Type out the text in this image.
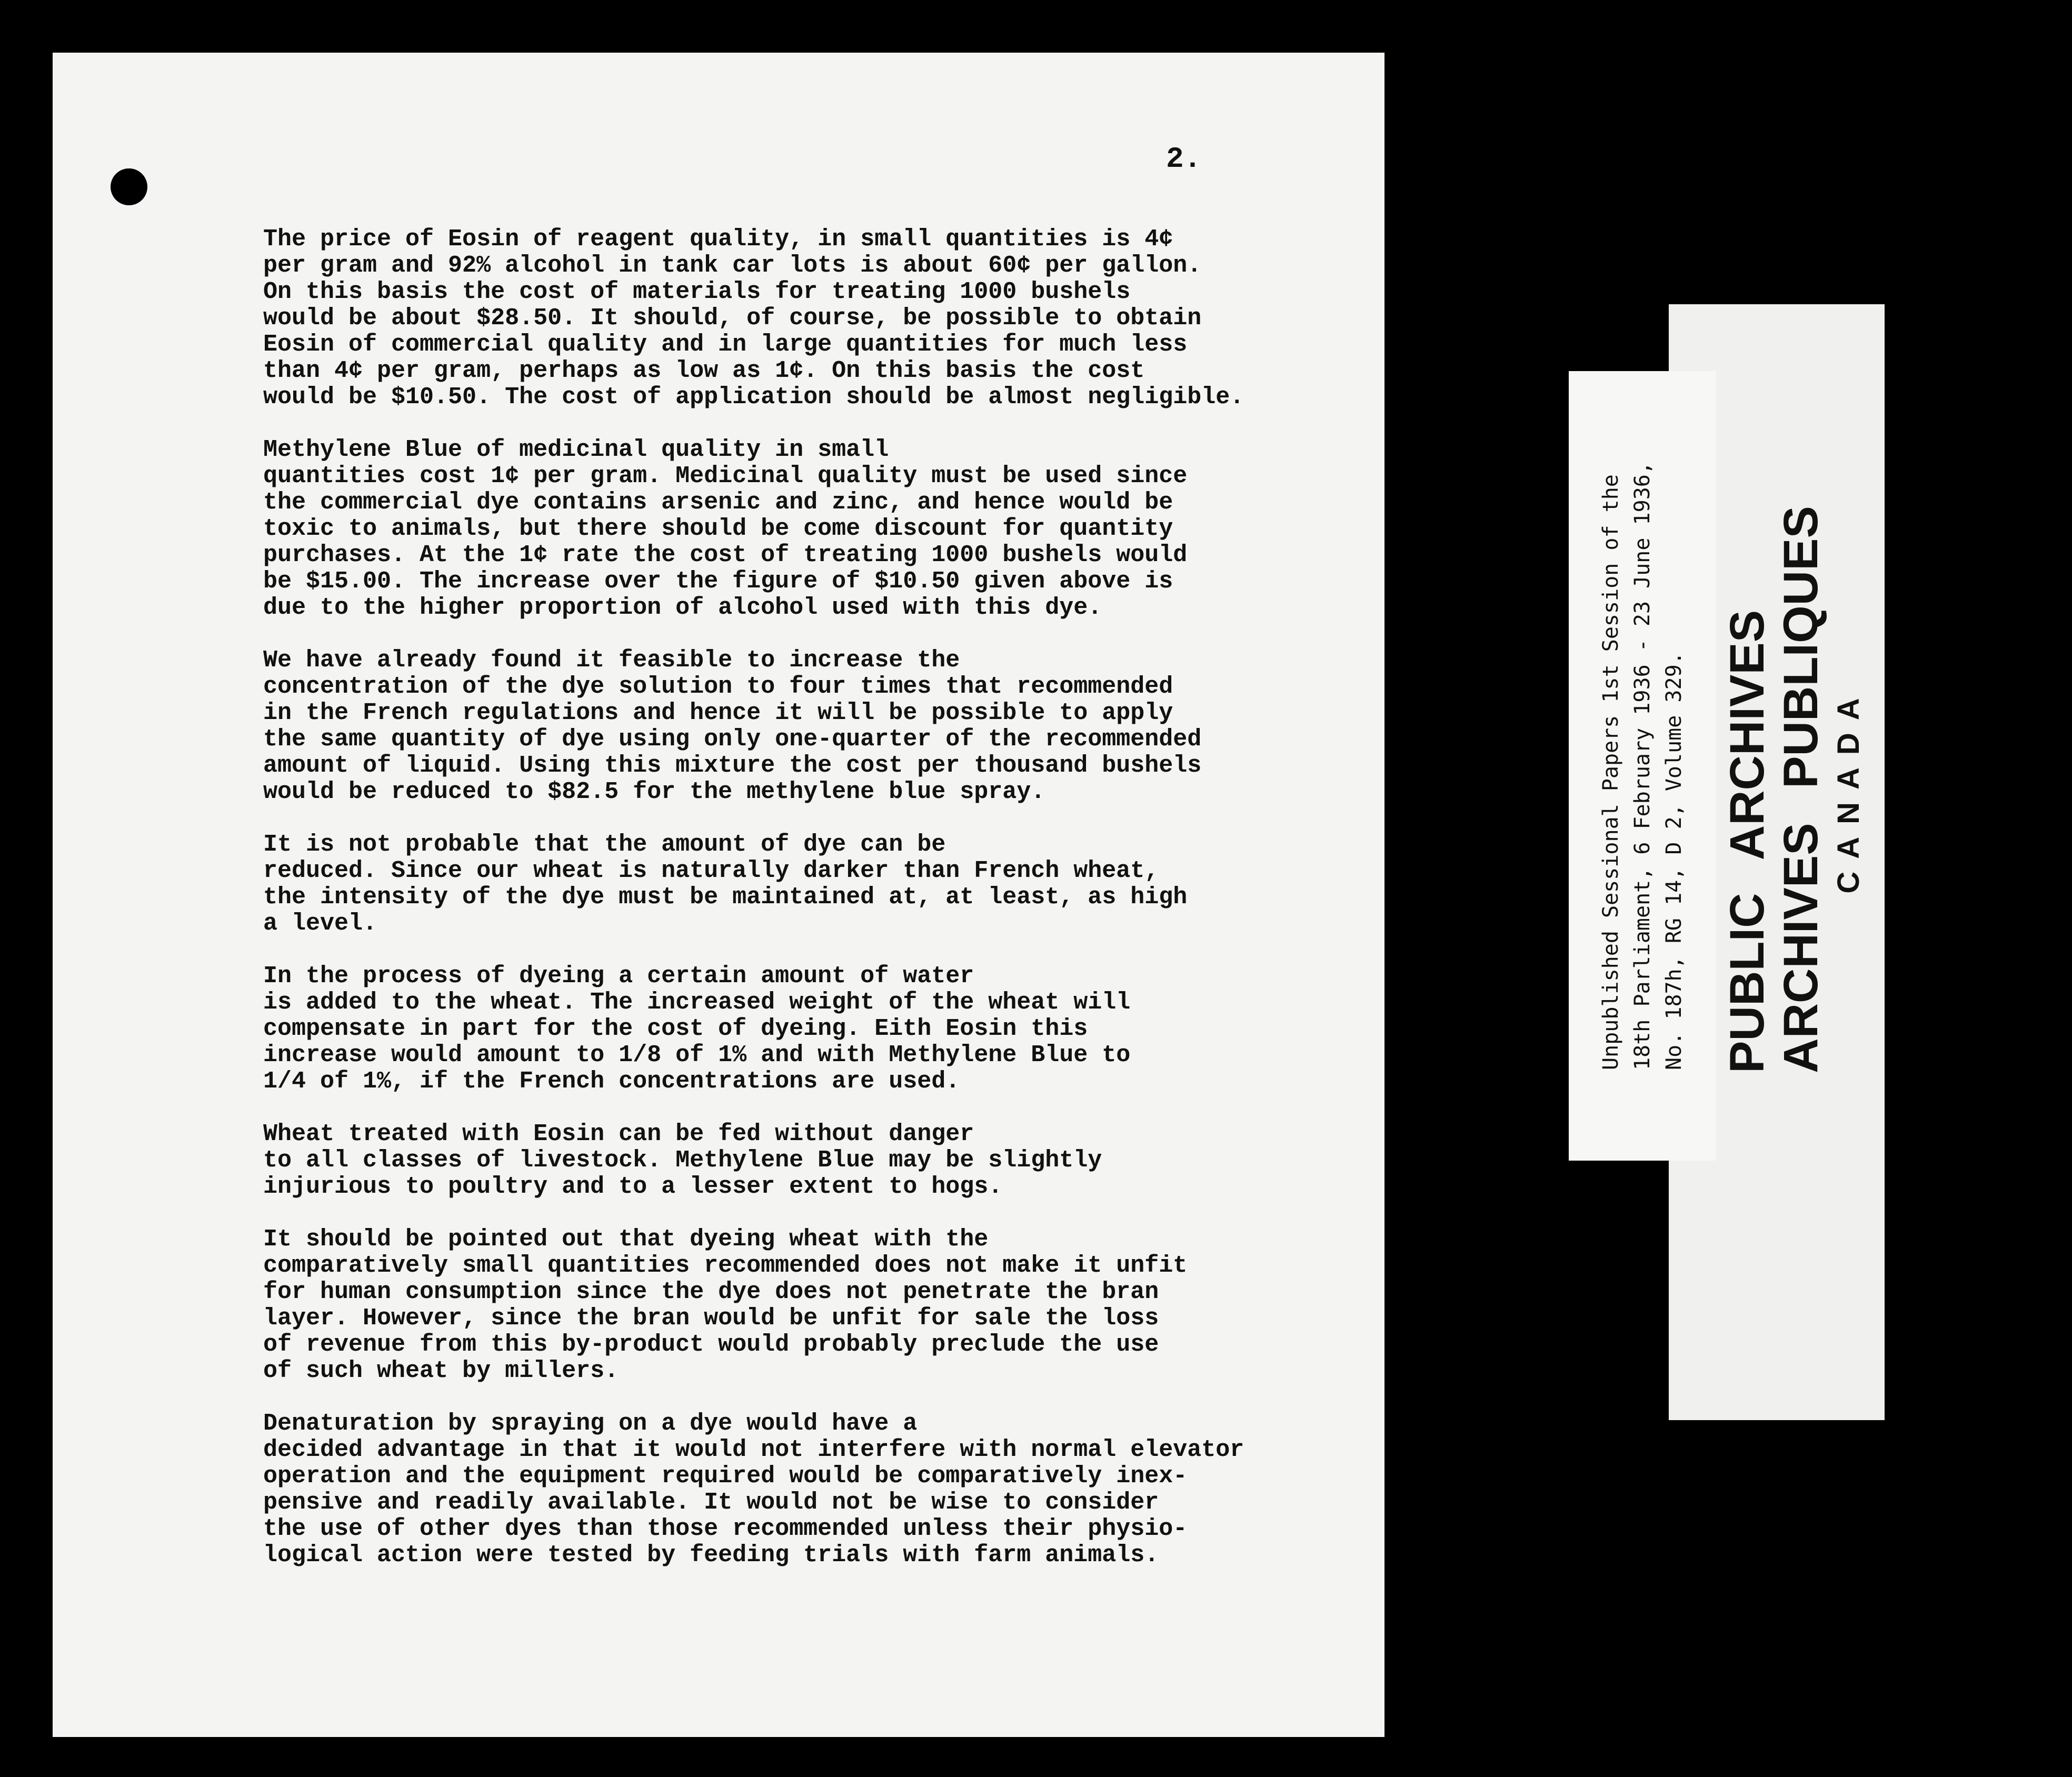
2.

The price of Eosin of reagent quality, in small quantities is 4¢
per gram and 92% alcohol in tank car lots is about 60¢ per gallon.
On this basis the cost of materials for treating 1000 bushels
would be about $28.50. It should, of course, be possible to obtain
Eosin of commercial quality and in large quantities for much less
than 4¢ per gram, perhaps as low as 1¢. On this basis the cost
would be $10.50. The cost of application should be almost negligible.

Methylene Blue of medicinal quality in small
quantities cost 1¢ per gram. Medicinal quality must be used since
the commercial dye contains arsenic and zinc, and hence would be
toxic to animals, but there should be come discount for quantity
purchases. At the 1¢ rate the cost of treating 1000 bushels would
be $15.00. The increase over the figure of $10.50 given above is
due to the higher proportion of alcohol used with this dye.

We have already found it feasible to increase the
concentration of the dye solution to four times that recommended
in the French regulations and hence it will be possible to apply
the same quantity of dye using only one-quarter of the recommended
amount of liquid. Using this mixture the cost per thousand bushels
would be reduced to $82.5 for the methylene blue spray.

It is not probable that the amount of dye can be
reduced. Since our wheat is naturally darker than French wheat,
the intensity of the dye must be maintained at, at least, as high
a level.

In the process of dyeing a certain amount of water
is added to the wheat. The increased weight of the wheat will
compensate in part for the cost of dyeing. Eith Eosin this
increase would amount to 1/8 of 1% and with Methylene Blue to
1/4 of 1%, if the French concentrations are used.

Wheat treated with Eosin can be fed without danger
to all classes of livestock. Methylene Blue may be slightly
injurious to poultry and to a lesser extent to hogs.

It should be pointed out that dyeing wheat with the
comparatively small quantities recommended does not make it unfit
for human consumption since the dye does not penetrate the bran
layer. However, since the bran would be unfit for sale the loss
of revenue from this by-product would probably preclude the use
of such wheat by millers.

Denaturation by spraying on a dye would have a
decided advantage in that it would not interfere with normal elevator
operation and the equipment required would be comparatively inex-
pensive and readily available. It would not be wise to consider
the use of other dyes than those recommended unless their physio-
logical action were tested by feeding trials with farm animals.

Unpublished Sessional Papers 1st Session of the 18th Parliament, 6 February 1936 - 23 June 1936, No. 187h, RG 14, D 2, Volume 329. PUBLIC ARCHIVES ARCHIVES PUBLIQUES CANADA
